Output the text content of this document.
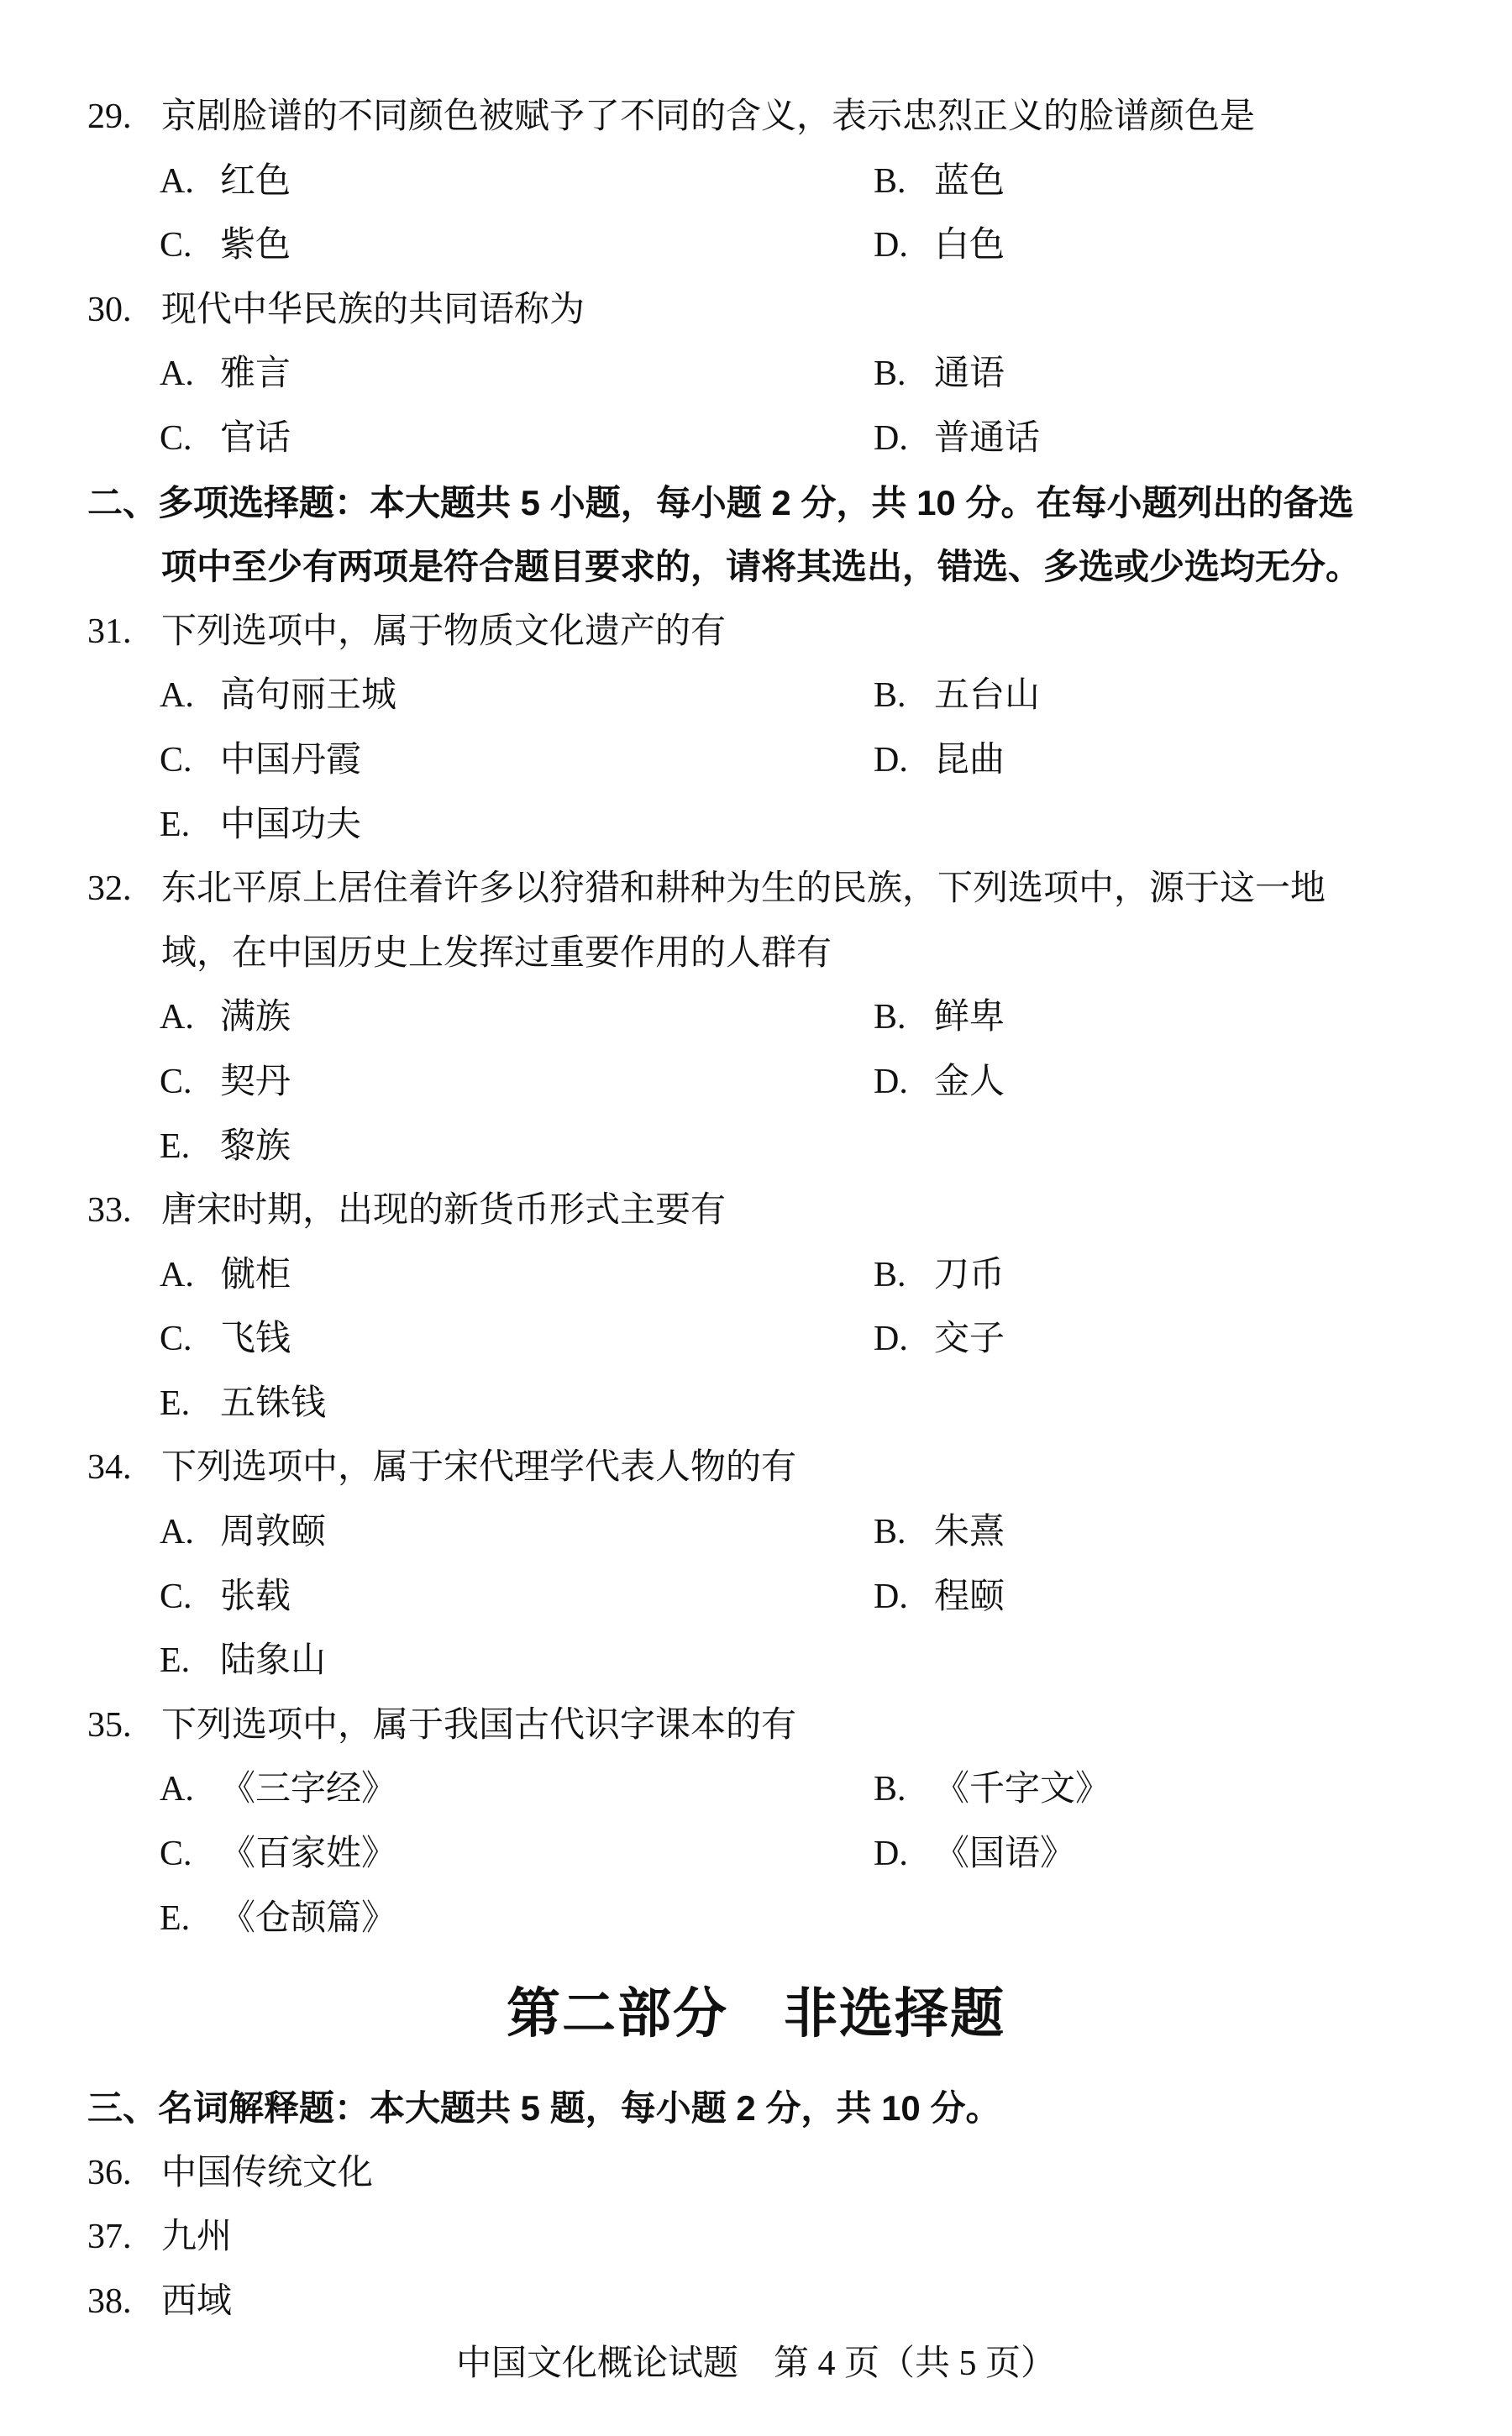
29. 京剧脸谱的不同颜色被赋予了不同的含义，表示忠烈正义的脸谱颜色是
A. 红色	B. 蓝色
C. 紫色	D. 白色
30. 现代中华民族的共同语称为
A. 雅言	B. 通语
C. 官话	D. 普通话
二、多项选择题：本大题共 5 小题，每小题 2 分，共 10 分。在每小题列出的备选
项中至少有两项是符合题目要求的，请将其选出，错选、多选或少选均无分。
31. 下列选项中，属于物质文化遗产的有
A. 高句丽王城	B. 五台山
C. 中国丹霞	D. 昆曲
E. 中国功夫
32. 东北平原上居住着许多以狩猎和耕种为生的民族，下列选项中，源于这一地
域，在中国历史上发挥过重要作用的人群有
A. 满族	B. 鲜卑
C. 契丹	D. 金人
E. 黎族
33. 唐宋时期，出现的新货币形式主要有
A. 僦柜	B. 刀币
C. 飞钱	D. 交子
E. 五铢钱
34. 下列选项中，属于宋代理学代表人物的有
A. 周敦颐	B. 朱熹
C. 张载	D. 程颐
E. 陆象山
35. 下列选项中，属于我国古代识字课本的有
A. 《三字经》	B. 《千字文》
C. 《百家姓》	D. 《国语》
E. 《仓颉篇》
第二部分　非选择题
三、名词解释题：本大题共 5 题，每小题 2 分，共 10 分。
36. 中国传统文化
37. 九州
38. 西域
中国文化概论试题　第 4 页（共 5 页）
